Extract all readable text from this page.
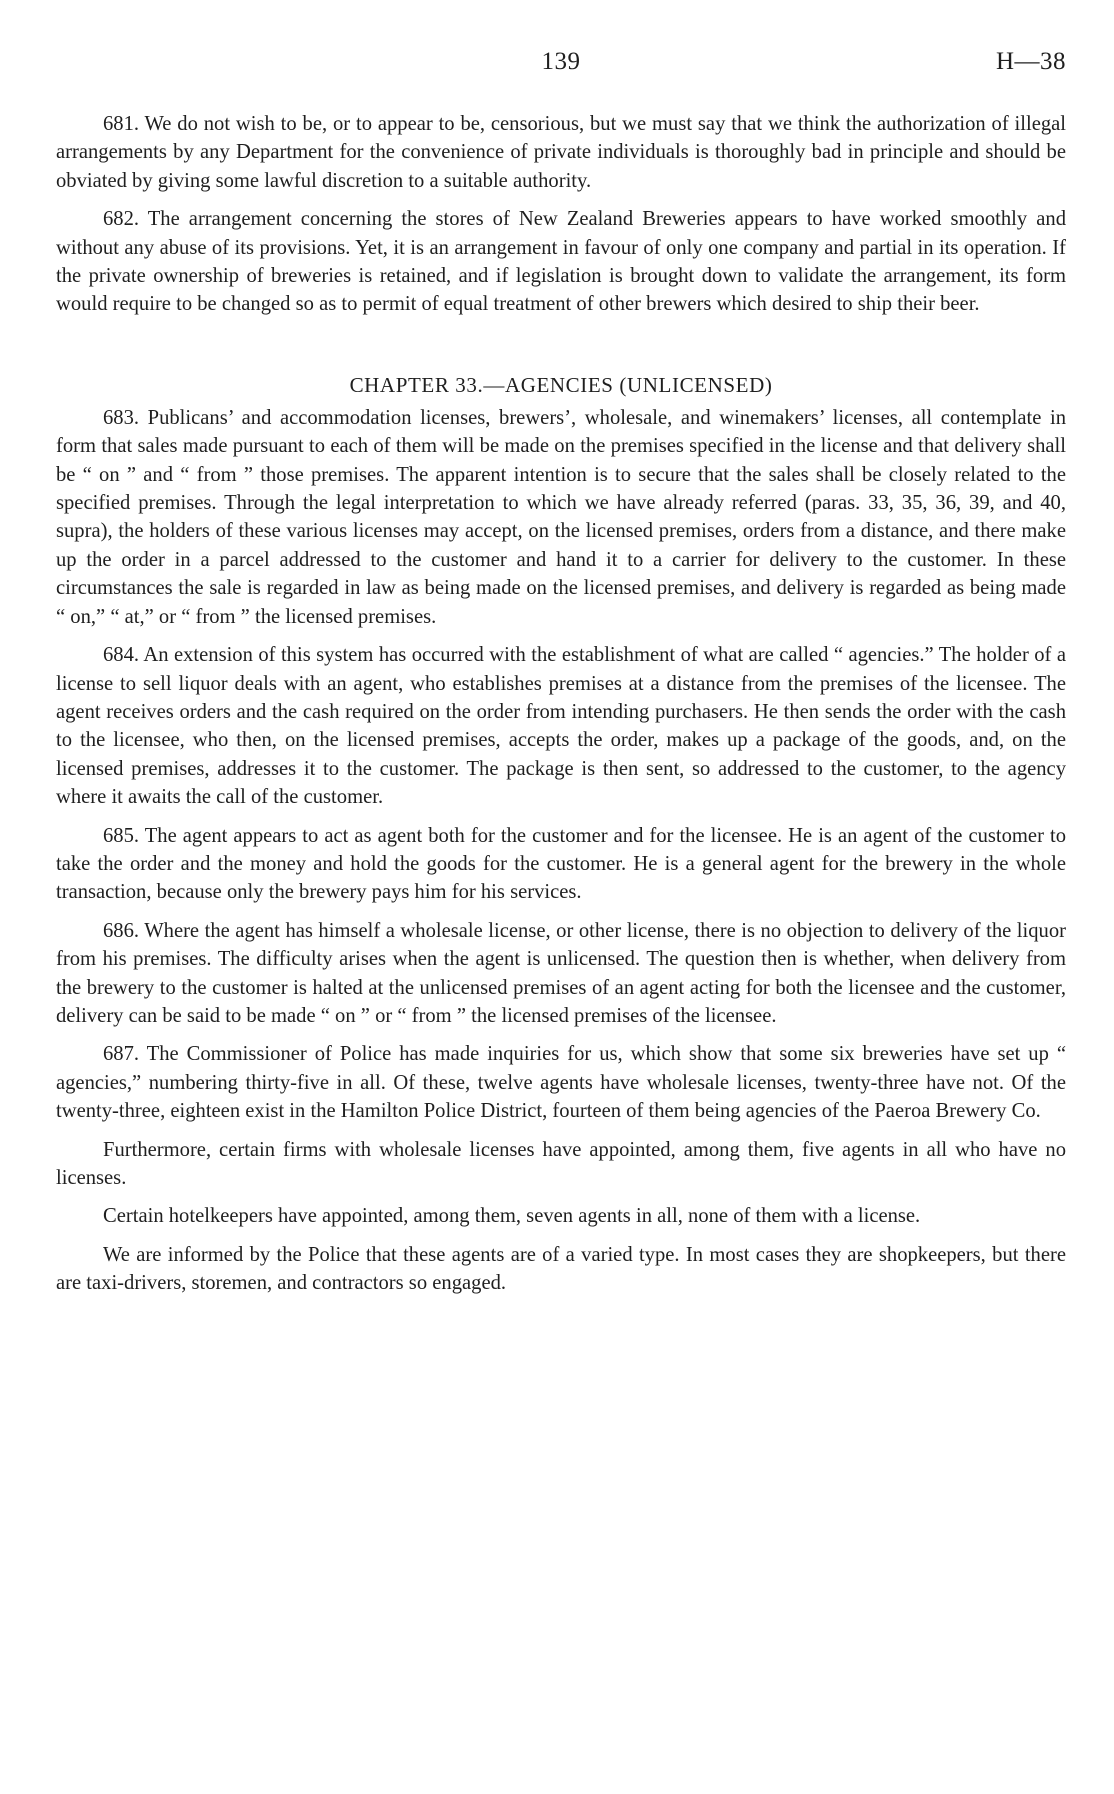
139	H—38

681. We do not wish to be, or to appear to be, censorious, but we must say that we think the authorization of illegal arrangements by any Department for the convenience of private individuals is thoroughly bad in principle and should be obviated by giving some lawful discretion to a suitable authority.

682. The arrangement concerning the stores of New Zealand Breweries appears to have worked smoothly and without any abuse of its provisions. Yet, it is an arrangement in favour of only one company and partial in its operation. If the private ownership of breweries is retained, and if legislation is brought down to validate the arrangement, its form would require to be changed so as to permit of equal treatment of other brewers which desired to ship their beer.

CHAPTER 33.—AGENCIES (UNLICENSED)

683. Publicans’ and accommodation licenses, brewers’, wholesale, and winemakers’ licenses, all contemplate in form that sales made pursuant to each of them will be made on the premises specified in the license and that delivery shall be “ on ” and “ from ” those premises. The apparent intention is to secure that the sales shall be closely related to the specified premises. Through the legal interpretation to which we have already referred (paras. 33, 35, 36, 39, and 40, supra), the holders of these various licenses may accept, on the licensed premises, orders from a distance, and there make up the order in a parcel addressed to the customer and hand it to a carrier for delivery to the customer. In these circumstances the sale is regarded in law as being made on the licensed premises, and delivery is regarded as being made “ on,” “ at,” or “ from ” the licensed premises.

684. An extension of this system has occurred with the establishment of what are called “ agencies.” The holder of a license to sell liquor deals with an agent, who establishes premises at a distance from the premises of the licensee. The agent receives orders and the cash required on the order from intending purchasers. He then sends the order with the cash to the licensee, who then, on the licensed premises, accepts the order, makes up a package of the goods, and, on the licensed premises, addresses it to the customer. The package is then sent, so addressed to the customer, to the agency where it awaits the call of the customer.

685. The agent appears to act as agent both for the customer and for the licensee. He is an agent of the customer to take the order and the money and hold the goods for the customer. He is a general agent for the brewery in the whole transaction, because only the brewery pays him for his services.

686. Where the agent has himself a wholesale license, or other license, there is no objection to delivery of the liquor from his premises. The difficulty arises when the agent is unlicensed. The question then is whether, when delivery from the brewery to the customer is halted at the unlicensed premises of an agent acting for both the licensee and the customer, delivery can be said to be made “ on ” or “ from ” the licensed premises of the licensee.

687. The Commissioner of Police has made inquiries for us, which show that some six breweries have set up “ agencies,” numbering thirty-five in all. Of these, twelve agents have wholesale licenses, twenty-three have not. Of the twenty-three, eighteen exist in the Hamilton Police District, fourteen of them being agencies of the Paeroa Brewery Co.

Furthermore, certain firms with wholesale licenses have appointed, among them, five agents in all who have no licenses.

Certain hotelkeepers have appointed, among them, seven agents in all, none of them with a license.

We are informed by the Police that these agents are of a varied type. In most cases they are shopkeepers, but there are taxi-drivers, storemen, and contractors so engaged.
